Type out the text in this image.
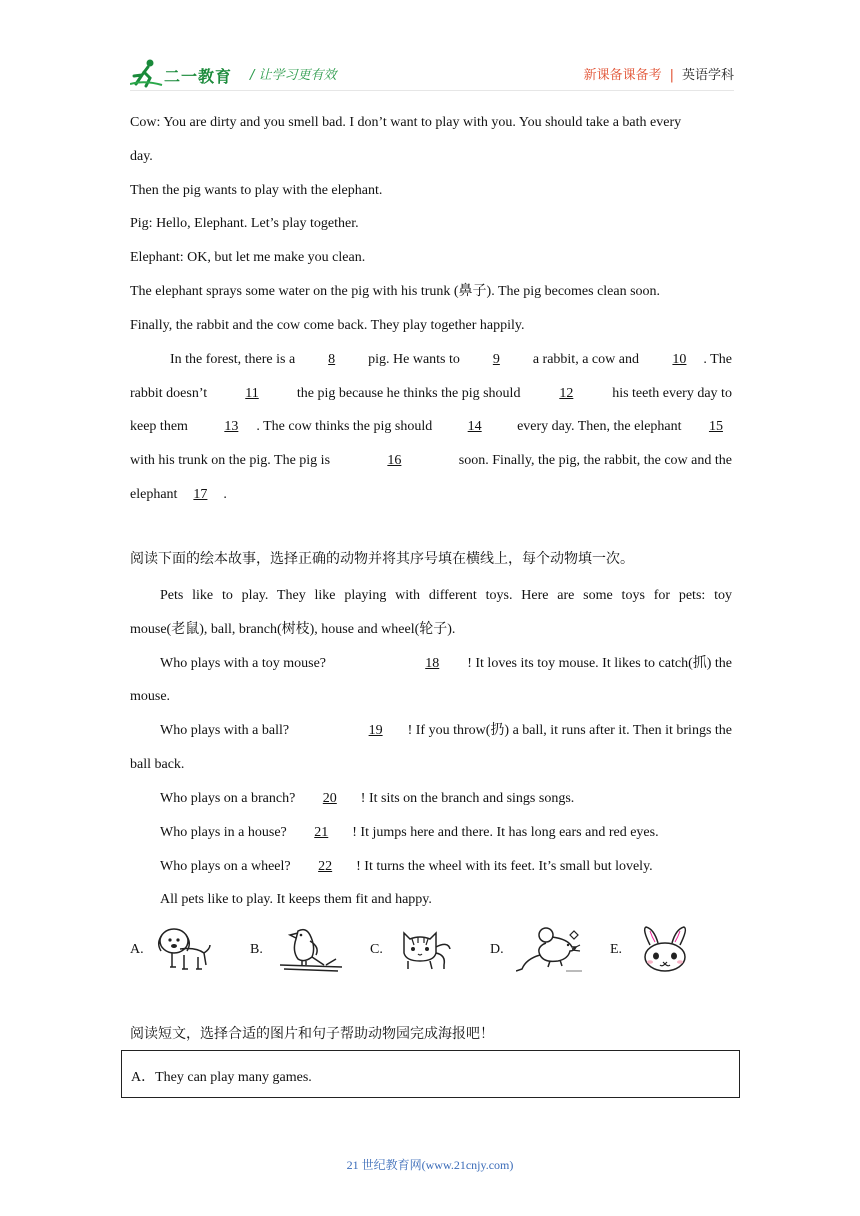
二一教育 / 让学习更有效	新课备课备考 | 英语学科
Cow: You are dirty and you smell bad. I don’t want to play with you. You should take a bath every
day.
Then the pig wants to play with the elephant.
Pig: Hello, Elephant. Let’s play together.
Elephant: OK, but let me make you clean.
The elephant sprays some water on the pig with his trunk (鼻子). The pig becomes clean soon.
Finally, the rabbit and the cow come back. They play together happily.
In the forest, there is a	8	pig. He wants to	9	a rabbit, a cow and	10 . The
rabbit doesn’t	11	the pig because he thinks the pig should	12	his teeth every day to
keep them	13 . The cow thinks the pig should	14	every day. Then, the elephant	15
with his trunk on the pig. The pig is	16	soon. Finally, the pig, the rabbit, the cow and the
elephant 17 .
阅读下面的绘本故事，选择正确的动物并将其序号填在横线上，每个动物填一次。
Pets like to play. They like playing with different toys. Here are some toys for pets: toy
mouse(老鼠), ball, branch(树枝), house and wheel(轮子).
Who plays with a toy mouse?	18 ! It loves its toy mouse. It likes to catch(抓) the
mouse.
Who plays with a ball?	19 ! If you throw(扔) a ball, it runs after it. Then it brings the
ball back.
Who plays on a branch? 20 ! It sits on the branch and sings songs.
Who plays in a house? 21 ! It jumps here and there. It has long ears and red eyes.
Who plays on a wheel? 22 ! It turns the wheel with its feet. It’s small but lovely.
All pets like to play. It keeps them fit and happy.
A.	B.	C.	D.	E.
阅读短文，选择合适的图片和句子帮助动物园完成海报吧！
A．They can play many games.
21 世纪教育网(www.21cnjy.com)
